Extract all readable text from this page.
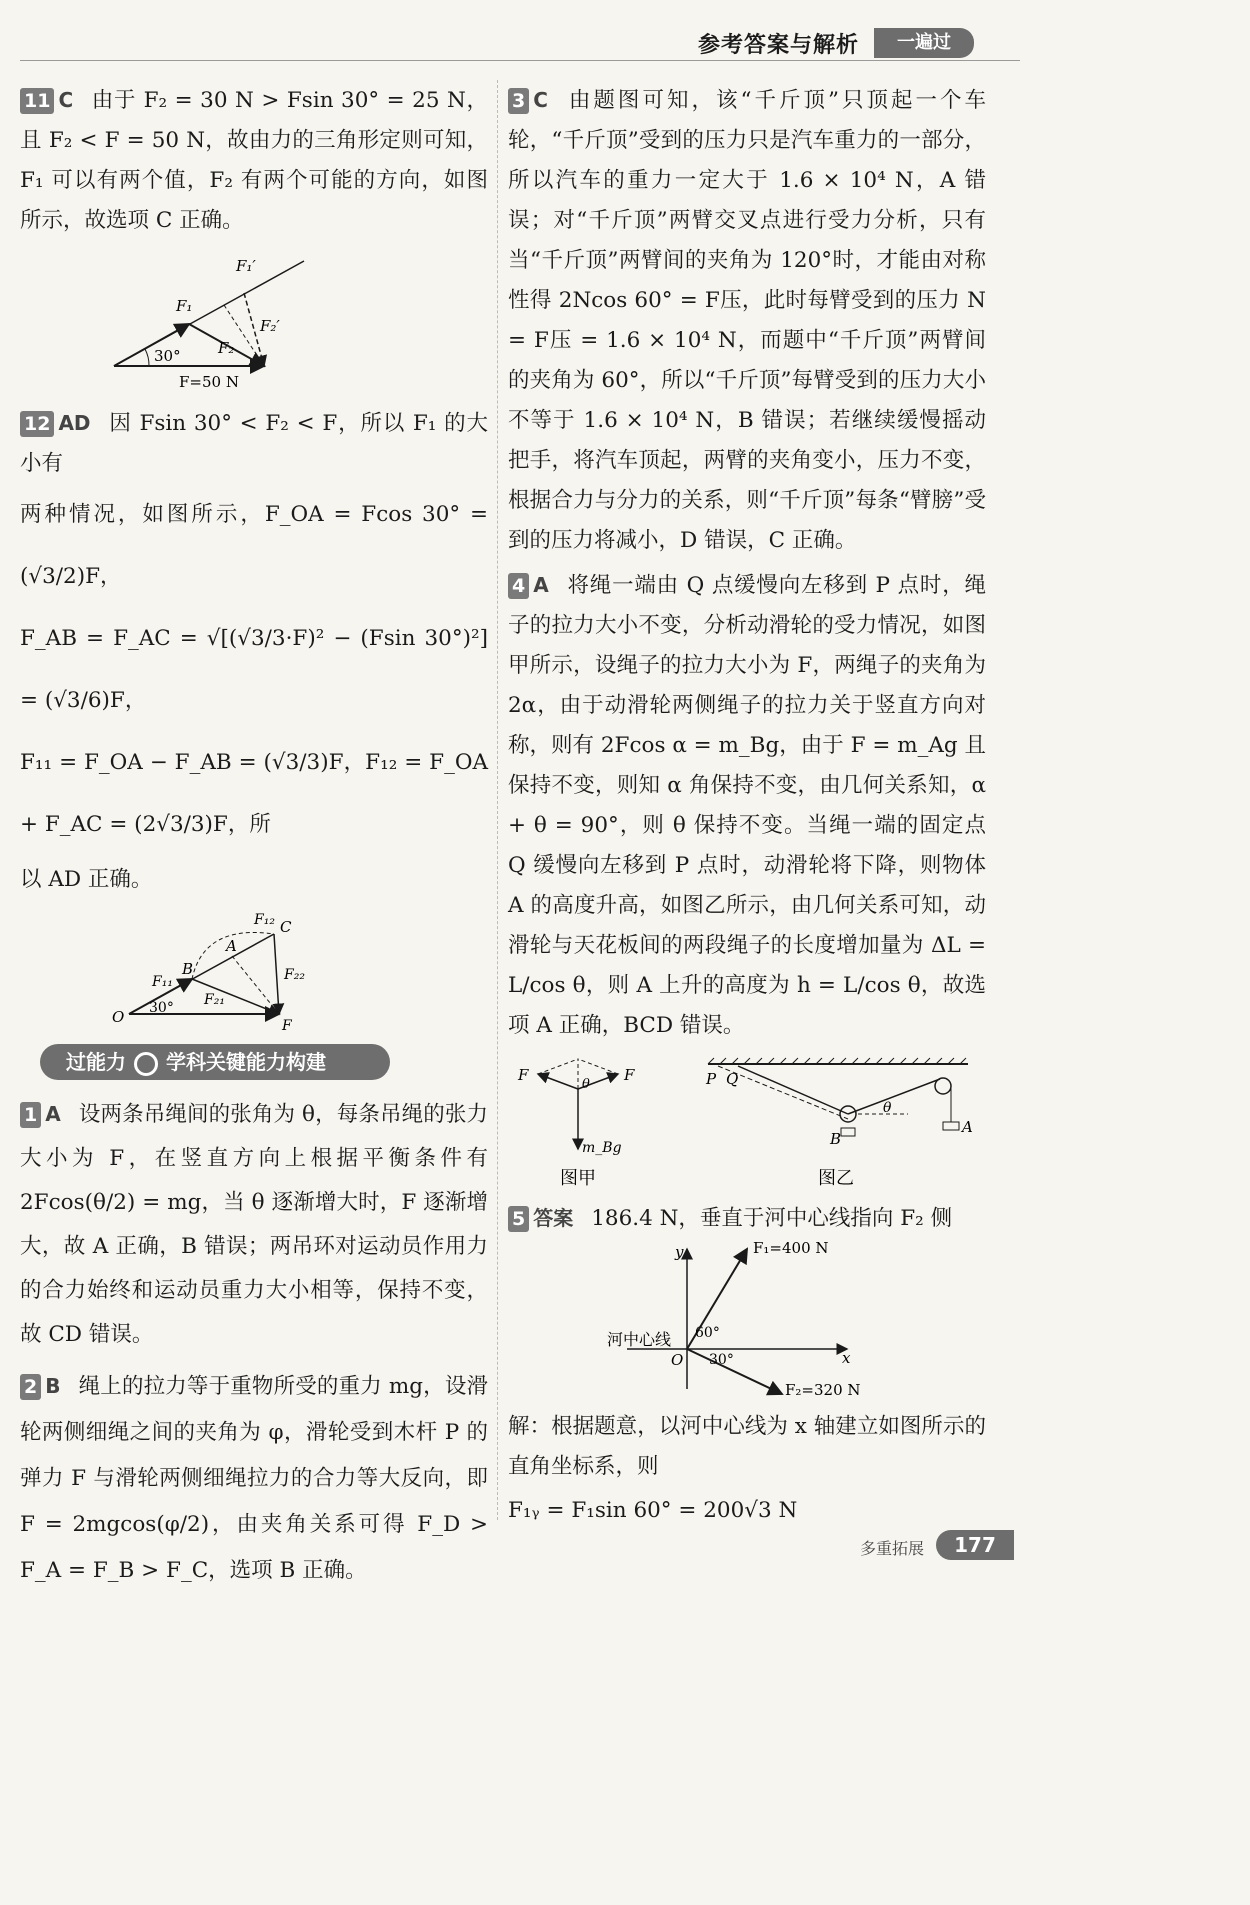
参考答案与解析	一遍过

11 C 由于 F₂ = 30 N > Fsin 30° = 25 N，且 F₂ < F = 50 N，故由力的三角形定则可知，F₁ 可以有两个值，F₂ 有两个可能的方向，如图所示，故选项 C 正确。

30°
F=50 N
F₁
F₁′
F₂
F₂′

12 AD 因 Fsin 30° < F₂ < F，所以 F₁ 的大小有

两种情况，如图所示，F_OA = Fcos 30° = (√3/2)F，

F_AB = F_AC = √[(√3/3·F)² − (Fsin 30°)²] = (√3/6)F，

F₁₁ = F_OA − F_AB = (√3/3)F，F₁₂ = F_OA + F_AC = (2√3/3)F，所

以 AD 正确。

O
B
A
C
F₁₂
F₁₁
F₂₁
F₂₂
F
30°
过能力 学科关键能力构建

1 A 设两条吊绳间的张角为 θ，每条吊绳的张力大小为 F，在竖直方向上根据平衡条件有 2Fcos(θ/2) = mg，当 θ 逐渐增大时，F 逐渐增大，故 A 正确，B 错误；两吊环对运动员作用力的合力始终和运动员重力大小相等，保持不变，故 CD 错误。

2 B 绳上的拉力等于重物所受的重力 mg，设滑轮两侧细绳之间的夹角为 φ，滑轮受到木杆 P 的弹力 F 与滑轮两侧细绳拉力的合力等大反向，即 F = 2mgcos(φ/2)，由夹角关系可得 F_D > F_A = F_B > F_C，选项 B 正确。

3 C 由题图可知，该“千斤顶”只顶起一个车轮，“千斤顶”受到的压力只是汽车重力的一部分，所以汽车的重力一定大于 1.6 × 10⁴ N，A 错误；对“千斤顶”两臂交叉点进行受力分析，只有当“千斤顶”两臂间的夹角为 120°时，才能由对称性得 2Ncos 60° = F压，此时每臂受到的压力 N = F压 = 1.6 × 10⁴ N，而题中“千斤顶”两臂间的夹角为 60°，所以“千斤顶”每臂受到的压力大小不等于 1.6 × 10⁴ N，B 错误；若继续缓慢摇动把手，将汽车顶起，两臂的夹角变小，压力不变，根据合力与分力的关系，则“千斤顶”每条“臂膀”受到的压力将减小，D 错误，C 正确。

4 A 将绳一端由 Q 点缓慢向左移到 P 点时，绳子的拉力大小不变，分析动滑轮的受力情况，如图甲所示，设绳子的拉力大小为 F，两绳子的夹角为 2α，由于动滑轮两侧绳子的拉力关于竖直方向对称，则有 2Fcos α = m_Bg，由于 F = m_Ag 且保持不变，则知 α 角保持不变，由几何关系知，α + θ = 90°，则 θ 保持不变。当绳一端的固定点 Q 缓慢向左移到 P 点时，动滑轮将下降，则物体 A 的高度升高，如图乙所示，由几何关系可知，动滑轮与天花板间的两段绳子的长度增加量为 ΔL = L/cos θ，则 A 上升的高度为 h = L/cos θ，故选项 A 正确，BCD 错误。

F	F
θ
m_Bg
图甲
P Q
B
A
θ
图乙

5 答案 186.4 N，垂直于河中心线指向 F₂ 侧

y
x
O
F₁=400 N
F₂=320 N
河中心线 60°
30°

解：根据题意，以河中心线为 x 轴建立如图所示的直角坐标系，则

F₁ᵧ = F₁sin 60° = 200√3 N

多重拓展	177
